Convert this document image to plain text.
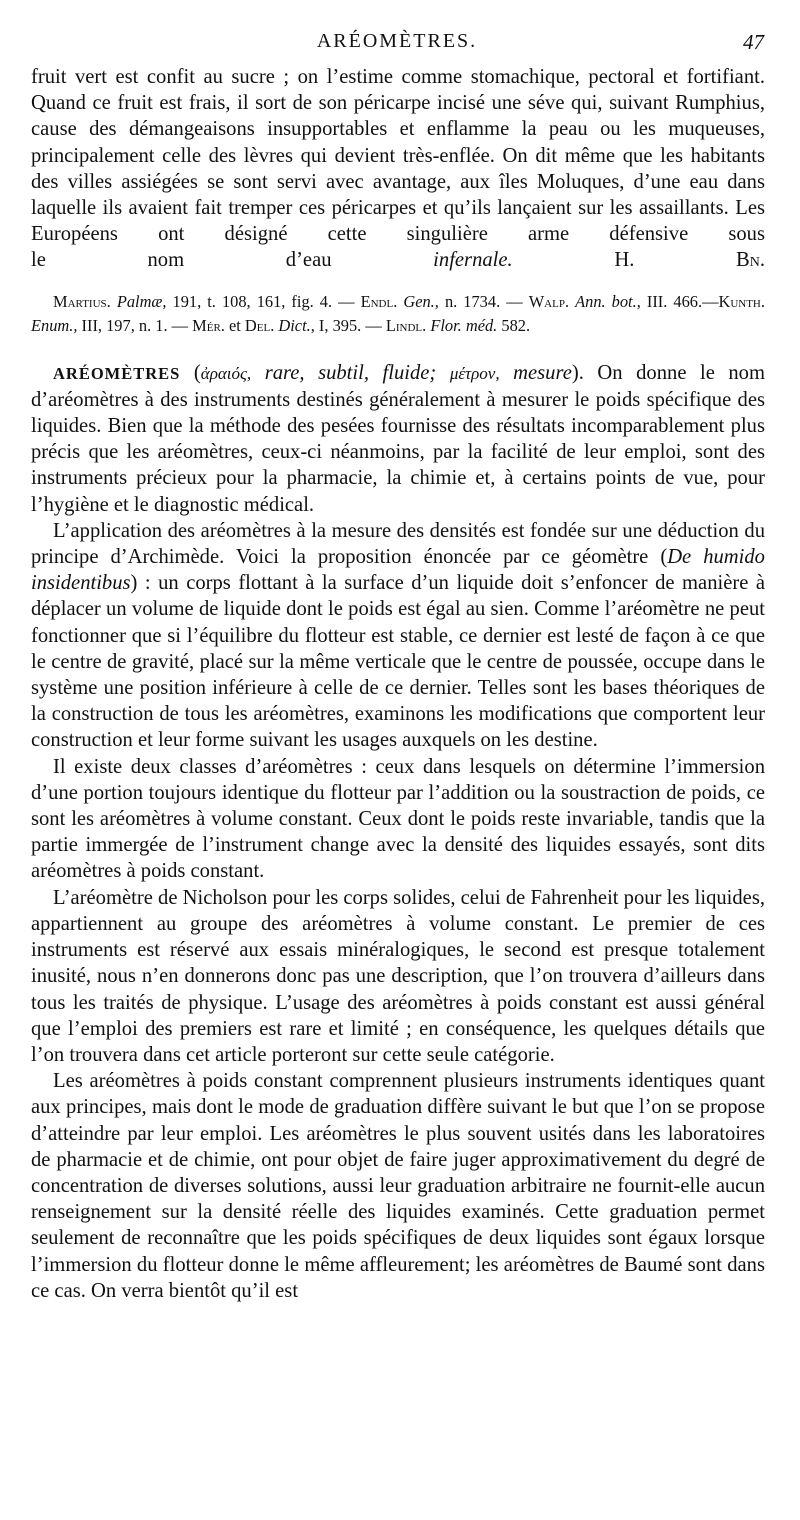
ARÉOMÈTRES.	47

fruit vert est confit au sucre ; on l’estime comme stomachique, pectoral et fortifiant. Quand ce fruit est frais, il sort de son péricarpe incisé une séve qui, suivant Rumphius, cause des démangeaisons insupportables et enflamme la peau ou les muqueuses, principalement celle des lèvres qui devient très-enflée. On dit même que les habitants des villes assiégées se sont servi avec avantage, aux îles Moluques, d’une eau dans laquelle ils avaient fait tremper ces péricarpes et qu’ils lançaient sur les assaillants. Les Européens ont désigné cette singulière arme défensive sous

le nom d’eau infernale.	H. Bn.

Martius. Palmæ, 191, t. 108, 161, fig. 4. — Endl. Gen., n. 1734. — Walp. Ann. bot., III. 466.—Kunth. Enum., III, 197, n. 1. — Mér. et Del. Dict., I, 395. — Lindl. Flor. méd. 582.

ARÉOMÈTRES (ἀραιός, rare, subtil, fluide; μέτρον, mesure). On donne le nom d’aréomètres à des instruments destinés généralement à mesurer le poids spécifique des liquides. Bien que la méthode des pesées fournisse des résultats incomparablement plus précis que les aréomètres, ceux-ci néanmoins, par la facilité de leur emploi, sont des instruments précieux pour la pharmacie, la chimie et, à certains points de vue, pour l’hygiène et le diagnostic médical.

L’application des aréomètres à la mesure des densités est fondée sur une déduction du principe d’Archimède. Voici la proposition énoncée par ce géomètre (De humido insidentibus) : un corps flottant à la surface d’un liquide doit s’enfoncer de manière à déplacer un volume de liquide dont le poids est égal au sien. Comme l’aréomètre ne peut fonctionner que si l’équilibre du flotteur est stable, ce dernier est lesté de façon à ce que le centre de gravité, placé sur la même verticale que le centre de poussée, occupe dans le système une position inférieure à celle de ce dernier. Telles sont les bases théoriques de la construction de tous les aréomètres, examinons les modifications que comportent leur construction et leur forme suivant les usages auxquels on les destine.

Il existe deux classes d’aréomètres : ceux dans lesquels on détermine l’immersion d’une portion toujours identique du flotteur par l’addition ou la soustraction de poids, ce sont les aréomètres à volume constant. Ceux dont le poids reste invariable, tandis que la partie immergée de l’instrument change avec la densité des liquides essayés, sont dits aréomètres à poids constant.

L’aréomètre de Nicholson pour les corps solides, celui de Fahrenheit pour les liquides, appartiennent au groupe des aréomètres à volume constant. Le premier de ces instruments est réservé aux essais minéralogiques, le second est presque totalement inusité, nous n’en donnerons donc pas une description, que l’on trouvera d’ailleurs dans tous les traités de physique. L’usage des aréomètres à poids constant est aussi général que l’emploi des premiers est rare et limité ; en conséquence, les quelques détails que l’on trouvera dans cet article porteront sur cette seule catégorie.

Les aréomètres à poids constant comprennent plusieurs instruments identiques quant aux principes, mais dont le mode de graduation diffère suivant le but que l’on se propose d’atteindre par leur emploi. Les aréomètres le plus souvent usités dans les laboratoires de pharmacie et de chimie, ont pour objet de faire juger approximativement du degré de concentration de diverses solutions, aussi leur graduation arbitraire ne fournit-elle aucun renseignement sur la densité réelle des liquides examinés. Cette graduation permet seulement de reconnaître que les poids spécifiques de deux liquides sont égaux lorsque l’immersion du flotteur donne le même affleurement; les aréomètres de Baumé sont dans ce cas. On verra bientôt qu’il est
